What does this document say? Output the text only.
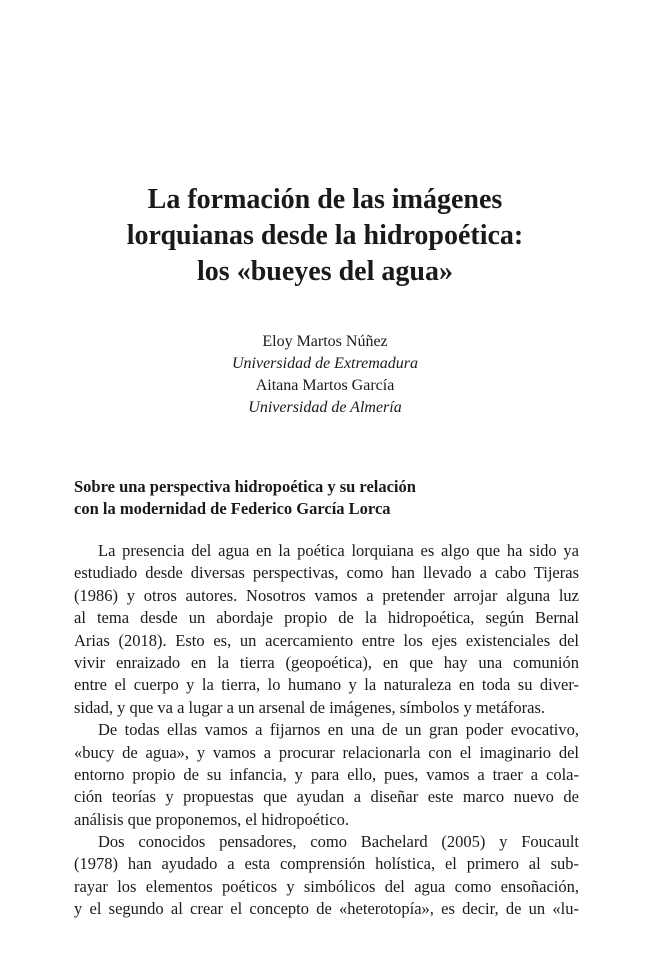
La formación de las imágenes
lorquianas desde la hidropoética:
los «bueyes del agua»
Eloy Martos Núñez
Universidad de Extremadura
Aitana Martos García
Universidad de Almería
Sobre una perspectiva hidropoética y su relación
con la modernidad de Federico García Lorca
La presencia del agua en la poética lorquiana es algo que ha sido ya
estudiado desde diversas perspectivas, como han llevado a cabo Tijeras
(1986) y otros autores. Nosotros vamos a pretender arrojar alguna luz
al tema desde un abordaje propio de la hidropoética, según Bernal
Arias (2018). Esto es, un acercamiento entre los ejes existenciales del
vivir enraizado en la tierra (geopoética), en que hay una comunión
entre el cuerpo y la tierra, lo humano y la naturaleza en toda su diver-
sidad, y que va a lugar a un arsenal de imágenes, símbolos y metáforas.
De todas ellas vamos a fijarnos en una de un gran poder evocativo,
«bucy de agua», y vamos a procurar relacionarla con el imaginario del
entorno propio de su infancia, y para ello, pues, vamos a traer a cola-
ción teorías y propuestas que ayudan a diseñar este marco nuevo de
análisis que proponemos, el hidropoético.
Dos conocidos pensadores, como Bachelard (2005) y Foucault
(1978) han ayudado a esta comprensión holística, el primero al sub-
rayar los elementos poéticos y simbólicos del agua como ensoñación,
y el segundo al crear el concepto de «heterotopía», es decir, de un «lu-
